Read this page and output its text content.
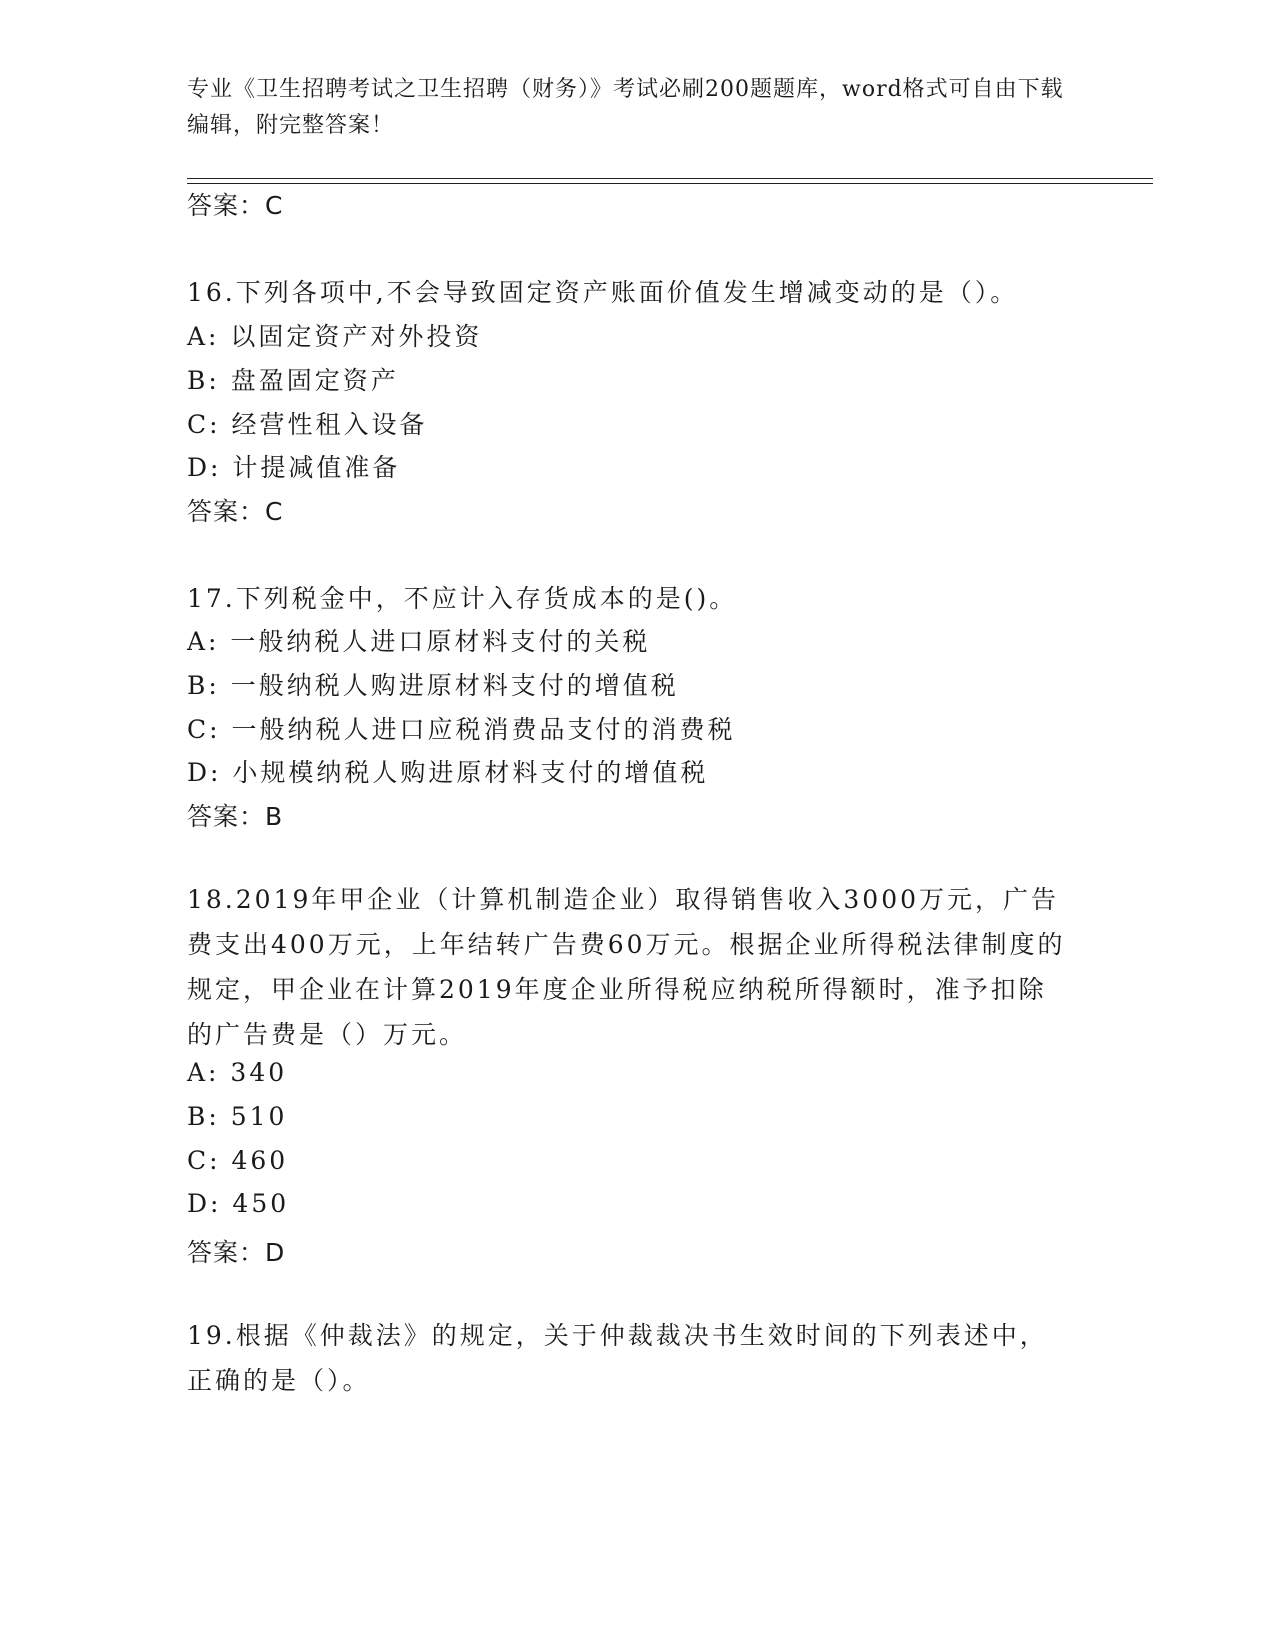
专业《卫生招聘考试之卫生招聘（财务）》考试必刷200题题库，word格式可自由下载编辑，附完整答案！
答案：C
16.下列各项中,不会导致固定资产账面价值发生增减变动的是（）。
A: 以固定资产对外投资
B: 盘盈固定资产
C: 经营性租入设备
D: 计提减值准备
答案：C
17.下列税金中，不应计入存货成本的是()。
A: 一般纳税人进口原材料支付的关税
B: 一般纳税人购进原材料支付的增值税
C: 一般纳税人进口应税消费品支付的消费税
D: 小规模纳税人购进原材料支付的增值税
答案：B
18.2019年甲企业（计算机制造企业）取得销售收入3000万元，广告费支出400万元，上年结转广告费60万元。根据企业所得税法律制度的规定，甲企业在计算2019年度企业所得税应纳税所得额时，准予扣除的广告费是（）万元。
A: 340
B: 510
C: 460
D: 450
答案：D
19.根据《仲裁法》的规定，关于仲裁裁决书生效时间的下列表述中，正确的是（）。
